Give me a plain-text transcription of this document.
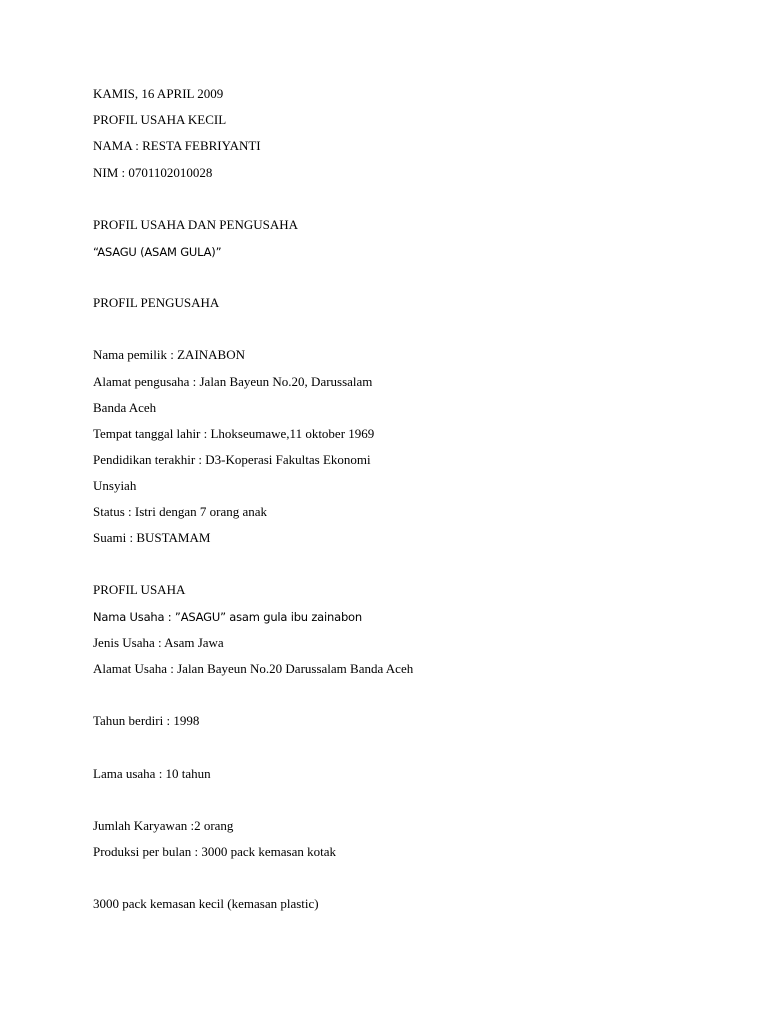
KAMIS, 16 APRIL 2009
PROFIL USAHA KECIL
NAMA : RESTA FEBRIYANTI
NIM : 0701102010028
PROFIL USAHA DAN PENGUSAHA
“ASAGU (ASAM GULA)”
PROFIL PENGUSAHA
Nama pemilik : ZAINABON
Alamat pengusaha : Jalan Bayeun No.20, Darussalam
Banda Aceh
Tempat tanggal lahir : Lhokseumawe,11 oktober 1969
Pendidikan terakhir : D3-Koperasi Fakultas Ekonomi
Unsyiah
Status : Istri dengan 7 orang anak
Suami : BUSTAMAM
PROFIL USAHA
Nama Usaha : ”ASAGU” asam gula ibu zainabon
Jenis Usaha : Asam Jawa
Alamat Usaha : Jalan Bayeun No.20 Darussalam Banda Aceh
Tahun berdiri : 1998
Lama usaha : 10 tahun
Jumlah Karyawan :2 orang
Produksi per bulan : 3000 pack kemasan kotak
3000 pack kemasan kecil (kemasan plastic)
